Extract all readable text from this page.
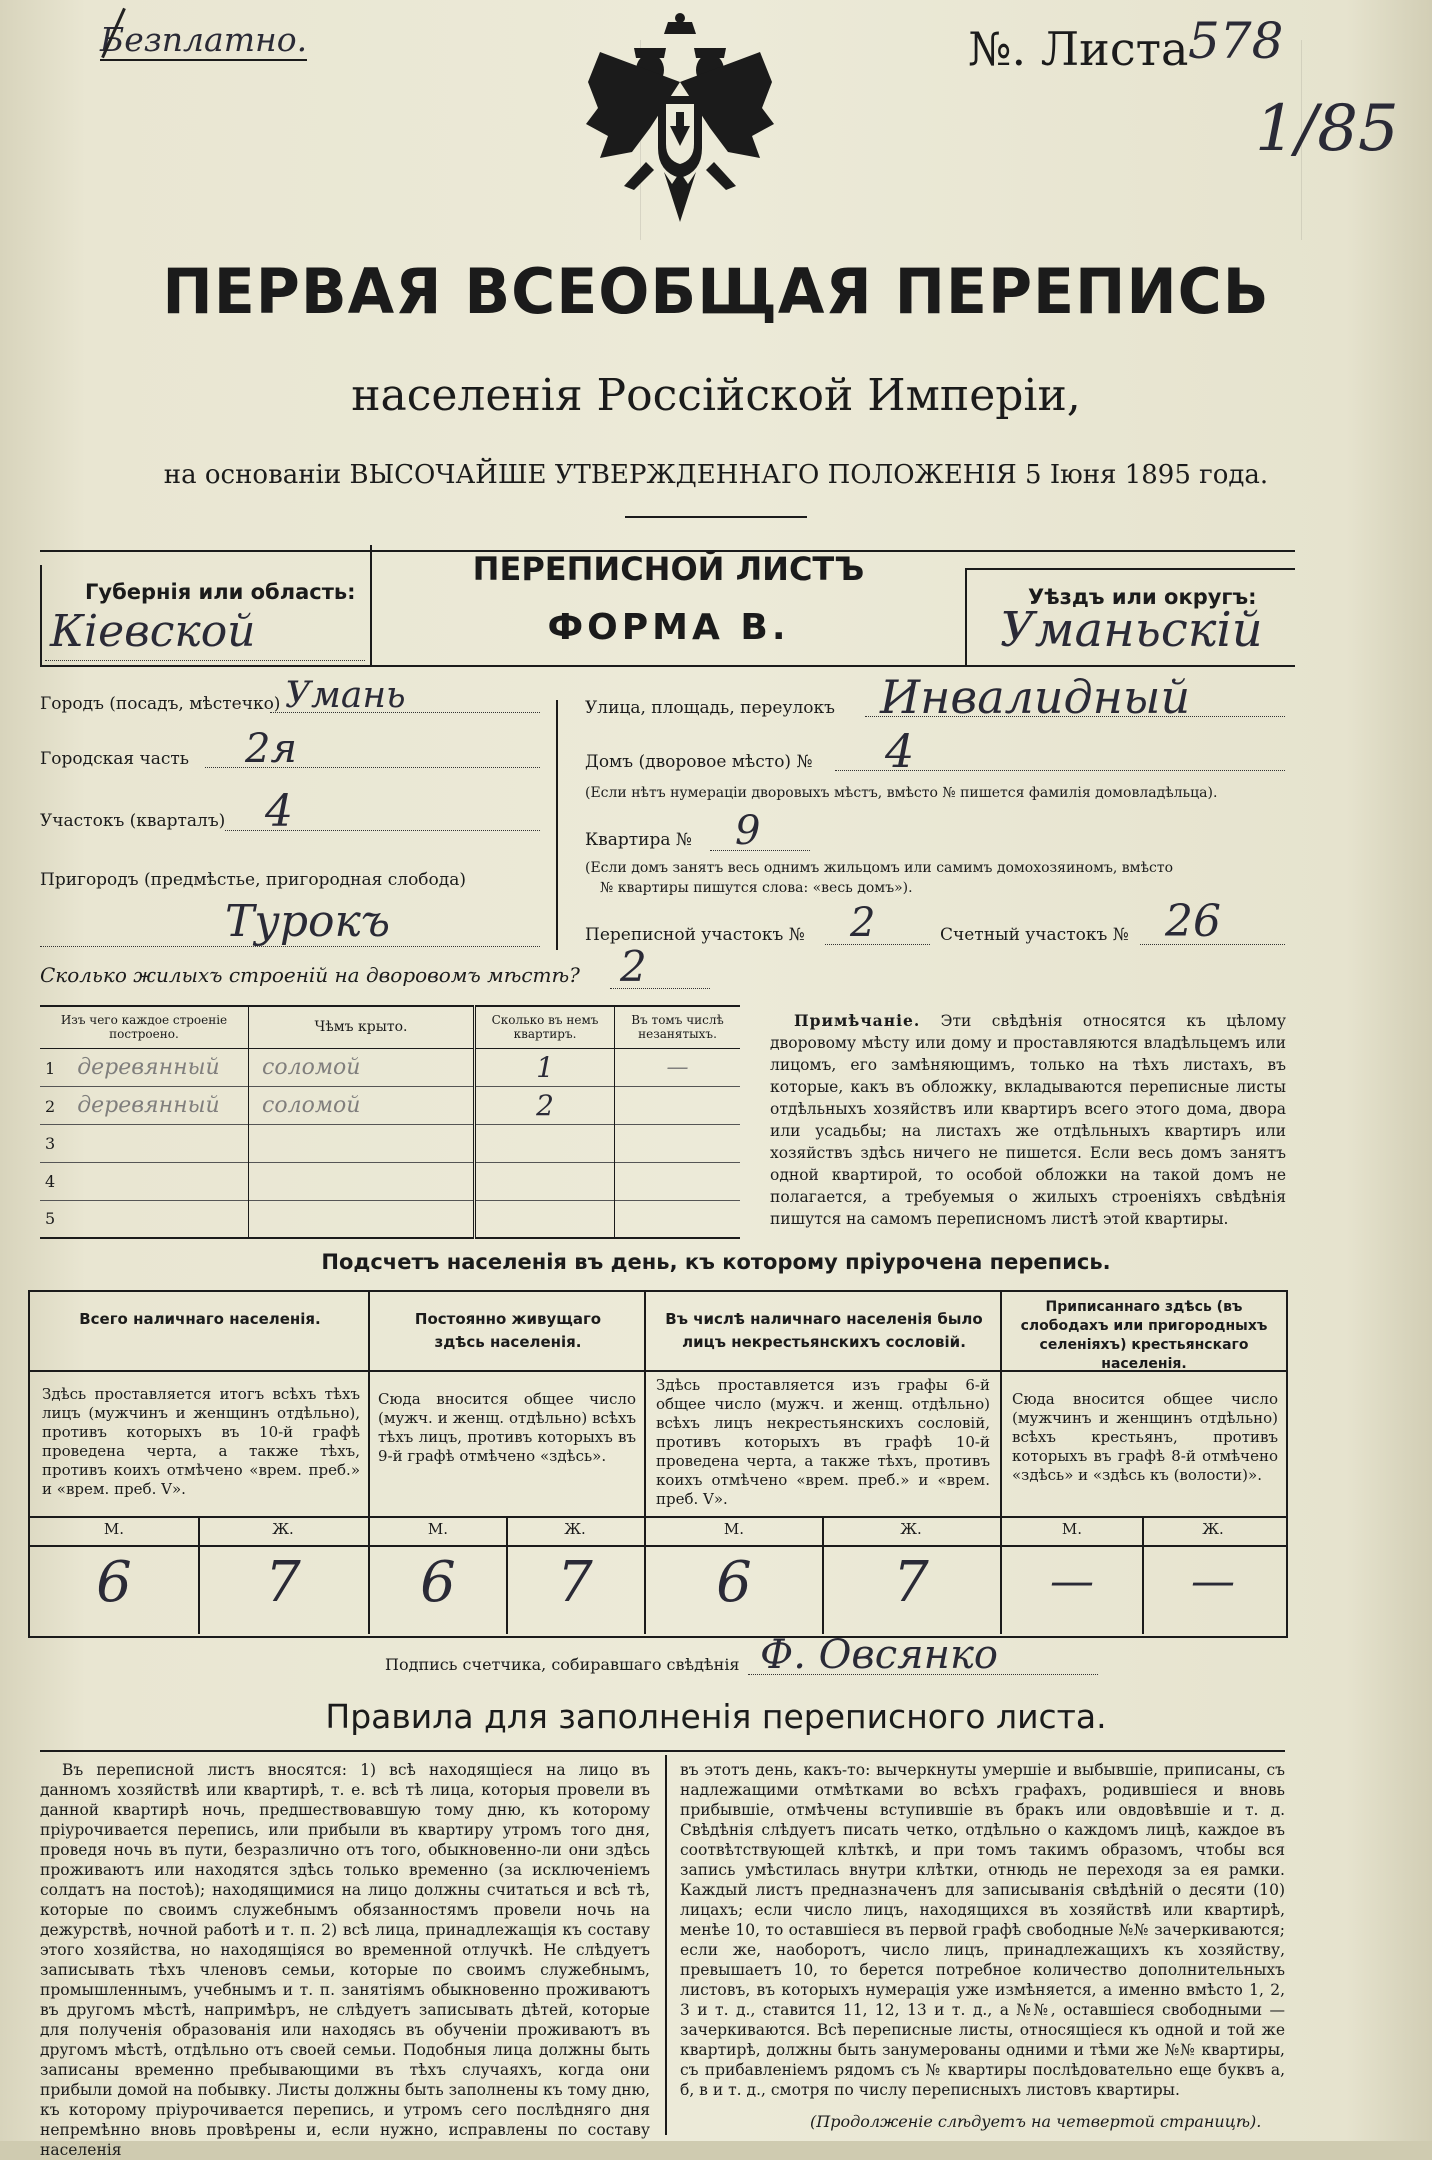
Безплатно.	№. Листа 578
1/85
ПЕРВАЯ ВСЕОБЩАЯ ПЕРЕПИСЬ
населенія Россійской Имперіи,
на основаніи ВЫСОЧАЙШЕ УТВЕРЖДЕННАГО ПОЛОЖЕНІЯ 5 Іюня 1895 года.
Губернія или область:
Кіевской
ПЕРЕПИСНОЙ ЛИСТЪ
ФОРМА В.
Уѣздъ или округъ:
Уманьскій
Городъ (посадъ, мѣстечко) Умань
Городская часть 2я
Участокъ (кварталъ) 4
Пригородъ (предмѣстье, пригородная слобода)
Турокъ
Улица, площадь, переулокъ Инвалидный
Домъ (дворовое мѣсто) № 4
(Если нѣтъ нумераціи дворовыхъ мѣстъ, вмѣсто № пишется фамилія домовладѣльца).
Квартира № 9
(Если домъ занятъ весь однимъ жильцомъ или самимъ домохозяиномъ, вмѣсто
№ квартиры пишутся слова: «весь домъ»).
Переписной участокъ № 2	Счетный участокъ № 26
Сколько жилыхъ строеній на дворовомъ мѣстѣ? 2
Изъ чего каждое строеніе построено.	Чѣмъ крыто.	Сколько въ немъ квартиръ.	Въ томъ числѣ незанятыхъ.
1 деревянный	соломой	1	—
2 деревянный	соломой	2	
3			
4			
5			
Примѣчаніе. Эти свѣдѣнія относятся къ цѣлому дворовому мѣсту или дому и проставляются владѣльцемъ или лицомъ, его замѣняющимъ, только на тѣхъ листахъ, въ которые, какъ въ обложку, вкладываются переписные листы отдѣльныхъ хозяйствъ или квартиръ всего этого дома, двора или усадьбы; на листахъ же отдѣльныхъ квартиръ или хозяйствъ здѣсь ничего не пишется. Если весь домъ занятъ одной квартирой, то особой обложки на такой домъ не полагается, а требуемыя о жилыхъ строеніяхъ свѣдѣнія пишутся на самомъ переписномъ листѣ этой квартиры.
Подсчетъ населенія въ день, къ которому пріурочена перепись.
Всего наличнаго населенія.
Здѣсь проставляется итогъ всѣхъ тѣхъ лицъ (мужчинъ и женщинъ отдѣльно), противъ которыхъ въ 10-й графѣ проведена черта, а также тѣхъ, противъ коихъ отмѣчено «врем. преб.» и «врем. преб. V».
М.	Ж.
6	7
Постоянно живущаго здѣсь населенія.
Сюда вносится общее число (мужч. и женщ. отдѣльно) всѣхъ тѣхъ лицъ, противъ которыхъ въ 9-й графѣ отмѣчено «здѣсь».
М.	Ж.
6	7
Въ числѣ наличнаго населенія было лицъ некрестьянскихъ сословій.
Здѣсь проставляется изъ графы 6-й общее число (мужч. и женщ. отдѣльно) всѣхъ лицъ некрестьянскихъ сословій, противъ которыхъ въ графѣ 10-й проведена черта, а также тѣхъ, противъ коихъ отмѣчено «врем. преб.» и «врем. преб. V».
М.	Ж.
6	7
Приписаннаго здѣсь (въ слободахъ или пригородныхъ селеніяхъ) крестьянскаго населенія.
Сюда вносится общее число (мужчинъ и женщинъ отдѣльно) всѣхъ крестьянъ, противъ которыхъ въ графѣ 8-й отмѣчено «здѣсь» и «здѣсь къ (волости)».
М.	Ж.
—	—
Подпись счетчика, собиравшаго свѣдѣнія Ф. Овсянко
Правила для заполненія переписного листа.
Въ переписной листъ вносятся: 1) всѣ находящіеся на лицо въ данномъ хозяйствѣ или квартирѣ, т. е. всѣ тѣ лица, которыя провели въ данной квартирѣ ночь, предшествовавшую тому дню, къ которому пріурочивается перепись, или прибыли въ квартиру утромъ того дня, проведя ночь въ пути, безразлично отъ того, обыкновенно-ли они здѣсь проживаютъ или находятся здѣсь только временно (за исключеніемъ солдатъ на постоѣ); находящимися на лицо должны считаться и всѣ тѣ, которые по своимъ служебнымъ обязанностямъ провели ночь на дежурствѣ, ночной работѣ и т. п. 2) всѣ лица, принадлежащія къ составу этого хозяйства, но находящіяся во временной отлучкѣ. Не слѣдуетъ записывать тѣхъ членовъ семьи, которые по своимъ служебнымъ, промышленнымъ, учебнымъ и т. п. занятіямъ обыкновенно проживаютъ въ другомъ мѣстѣ, напримѣръ, не слѣдуетъ записывать дѣтей, которые для полученія образованія или находясь въ обученіи проживаютъ въ другомъ мѣстѣ, отдѣльно отъ своей семьи. Подобныя лица должны быть записаны временно пребывающими въ тѣхъ случаяхъ, когда они прибыли домой на побывку. Листы должны быть заполнены къ тому дню, къ которому пріурочивается перепись, и утромъ сего послѣдняго дня непремѣнно вновь провѣрены и, если нужно, исправлены по составу населенія
въ этотъ день, какъ-то: вычеркнуты умершіе и выбывшіе, приписаны, съ надлежащими отмѣтками во всѣхъ графахъ, родившіеся и вновь прибывшіе, отмѣчены вступившіе въ бракъ или овдовѣвшіе и т. д. Свѣдѣнія слѣдуетъ писать четко, отдѣльно о каждомъ лицѣ, каждое въ соотвѣтствующей клѣткѣ, и при томъ такимъ образомъ, чтобы вся запись умѣстилась внутри клѣтки, отнюдь не переходя за ея рамки. Каждый листъ предназначенъ для записыванія свѣдѣній о десяти (10) лицахъ; если число лицъ, находящихся въ хозяйствѣ или квартирѣ, менѣе 10, то оставшіеся въ первой графѣ свободные №№ зачеркиваются; если же, наоборотъ, число лицъ, принадлежащихъ къ хозяйству, превышаетъ 10, то берется потребное количество дополнительныхъ листовъ, въ которыхъ нумерація уже измѣняется, а именно вмѣсто 1, 2, 3 и т. д., ставится 11, 12, 13 и т. д., а №№, оставшіеся свободными — зачеркиваются. Всѣ переписные листы, относящіеся къ одной и той же квартирѣ, должны быть занумерованы одними и тѣми же №№ квартиры, съ прибавленіемъ рядомъ съ № квартиры послѣдовательно еще буквъ а, б, в и т. д., смотря по числу переписныхъ листовъ квартиры.
(Продолженіе слѣдуетъ на четвертой страницѣ).
